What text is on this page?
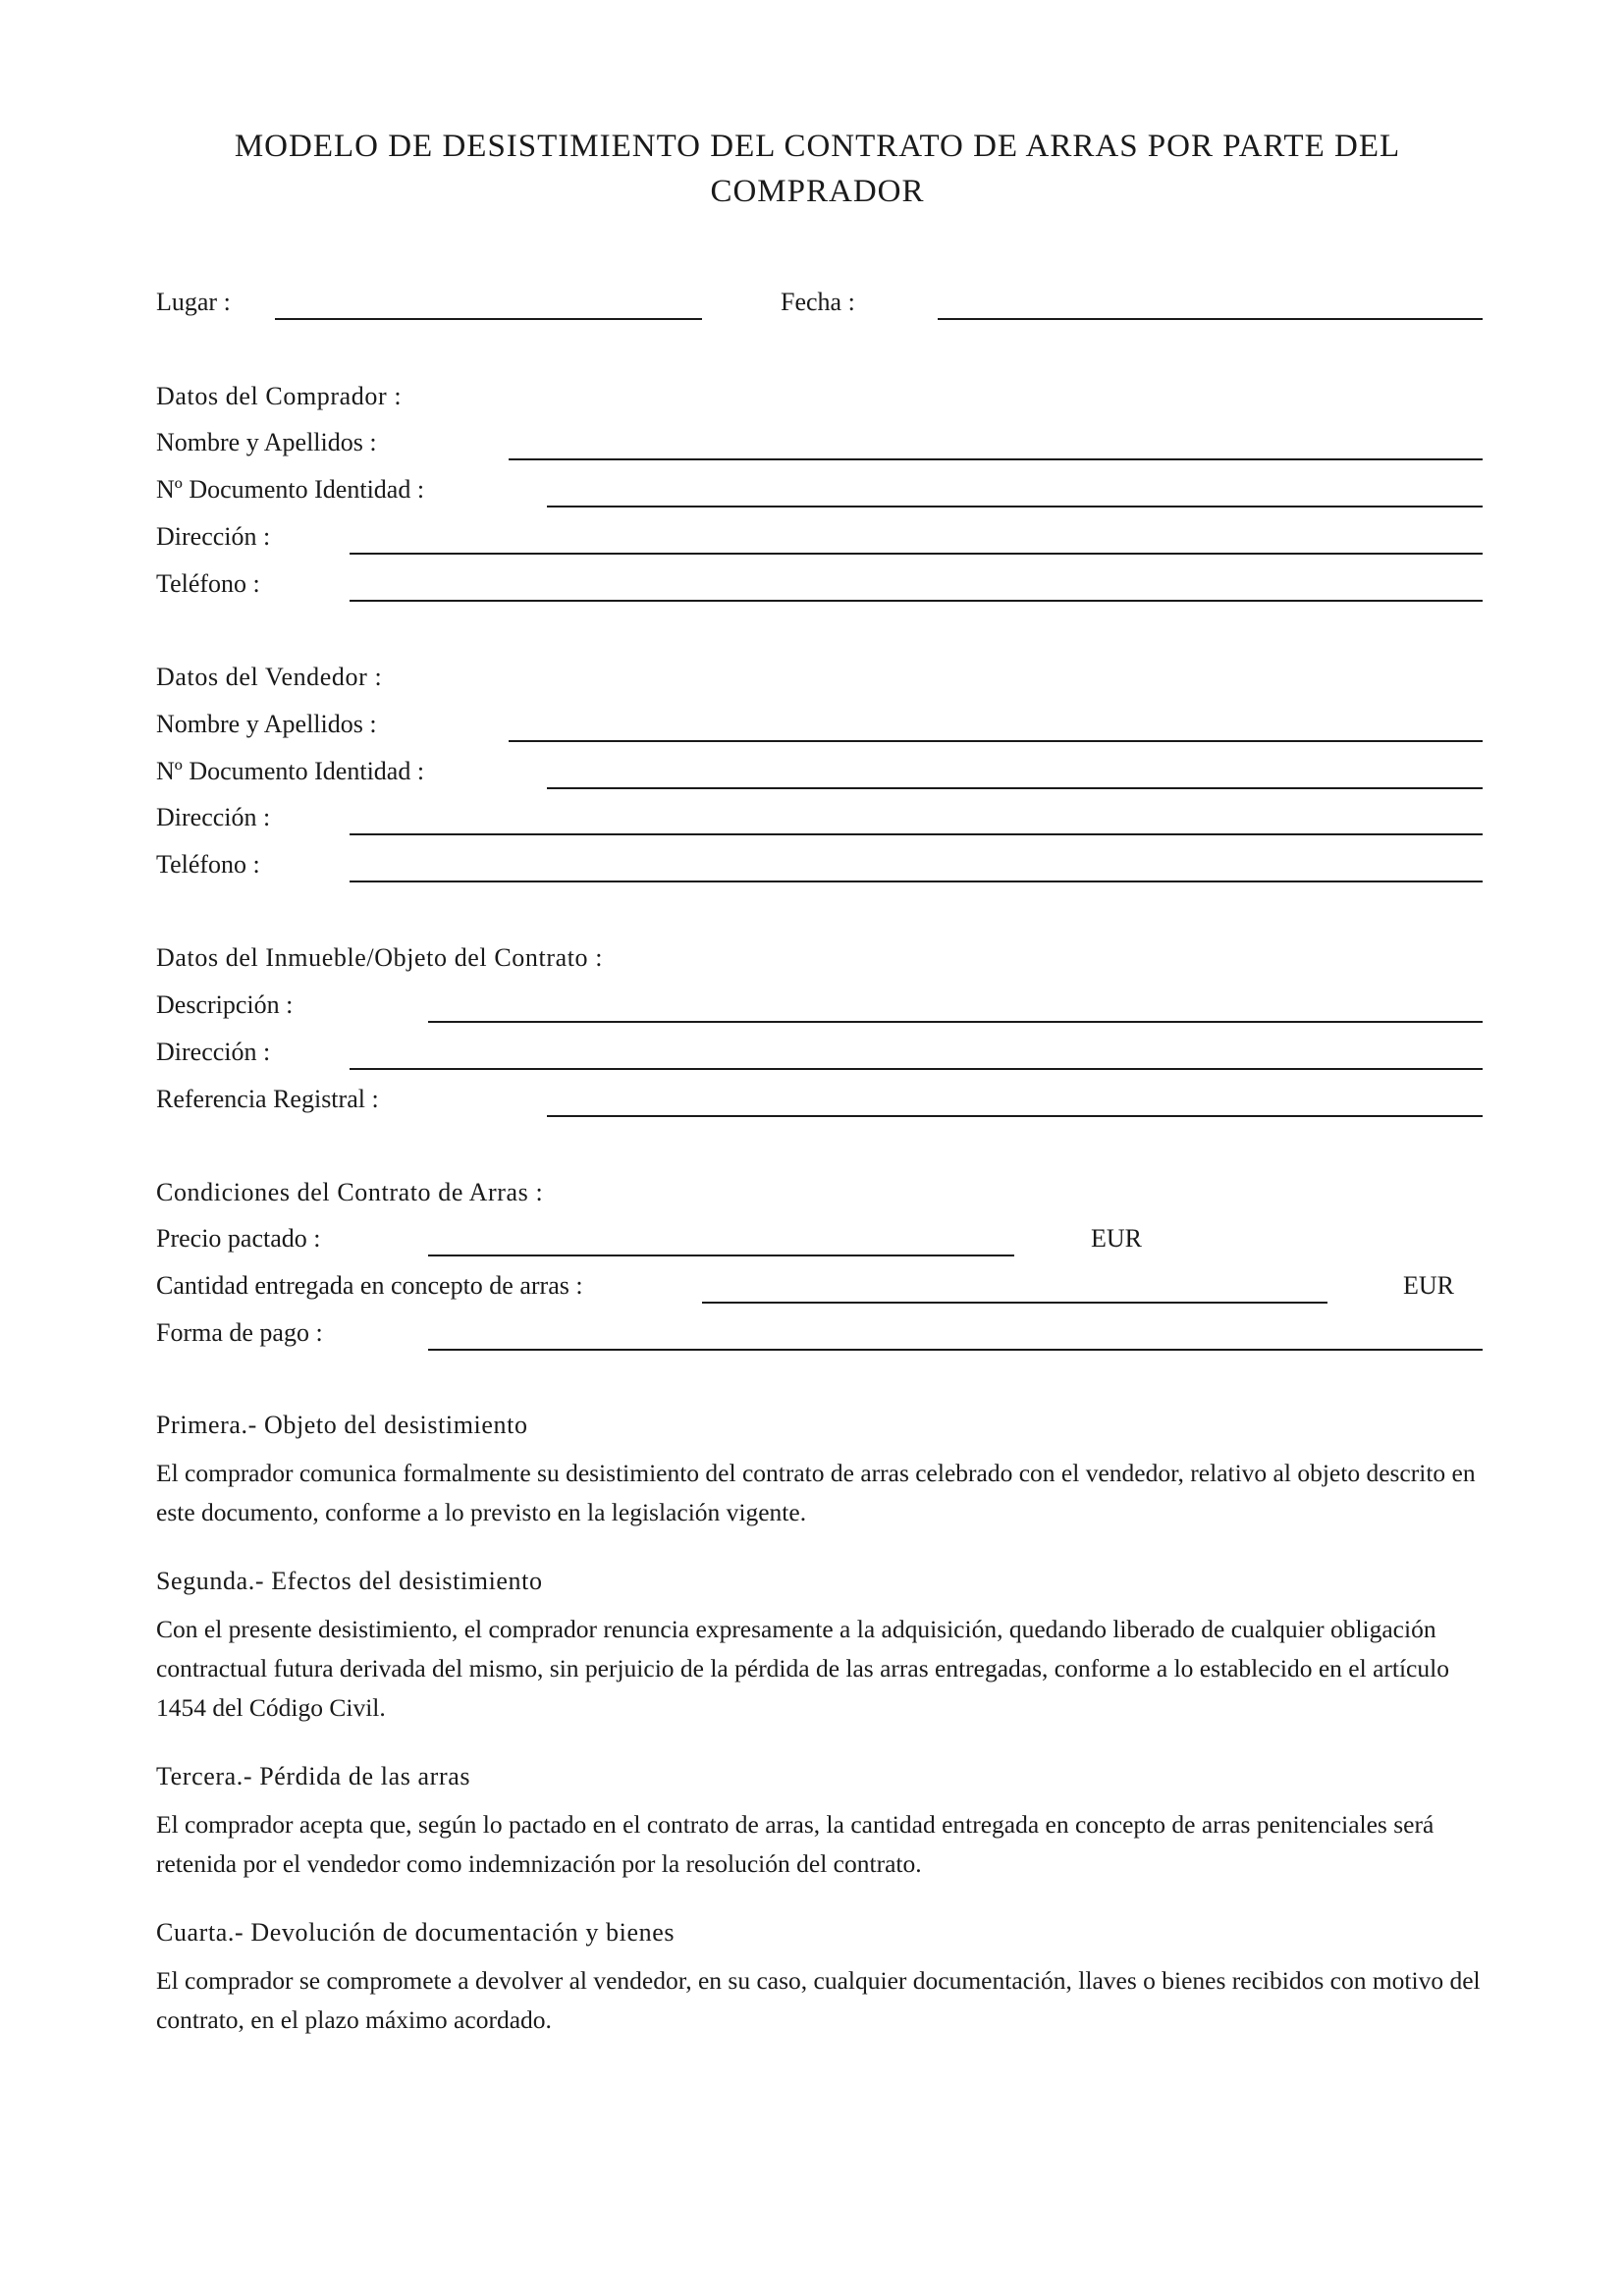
MODELO DE DESISTIMIENTO DEL CONTRATO DE ARRAS POR PARTE DEL COMPRADOR
Lugar :	Fecha :
Datos del Comprador :
Nombre y Apellidos :
Nº Documento Identidad :
Dirección :
Teléfono :
Datos del Vendedor :
Nombre y Apellidos :
Nº Documento Identidad :
Dirección :
Teléfono :
Datos del Inmueble/Objeto del Contrato :
Descripción :
Dirección :
Referencia Registral :
Condiciones del Contrato de Arras :
Precio pactado :	EUR
Cantidad entregada en concepto de arras :	EUR
Forma de pago :
Primera.- Objeto del desistimiento
El comprador comunica formalmente su desistimiento del contrato de arras celebrado con el vendedor, relativo al objeto descrito en este documento, conforme a lo previsto en la legislación vigente.
Segunda.- Efectos del desistimiento
Con el presente desistimiento, el comprador renuncia expresamente a la adquisición, quedando liberado de cualquier obligación contractual futura derivada del mismo, sin perjuicio de la pérdida de las arras entregadas, conforme a lo establecido en el artículo 1454 del Código Civil.
Tercera.- Pérdida de las arras
El comprador acepta que, según lo pactado en el contrato de arras, la cantidad entregada en concepto de arras penitenciales será retenida por el vendedor como indemnización por la resolución del contrato.
Cuarta.- Devolución de documentación y bienes
El comprador se compromete a devolver al vendedor, en su caso, cualquier documentación, llaves o bienes recibidos con motivo del contrato, en el plazo máximo acordado.
